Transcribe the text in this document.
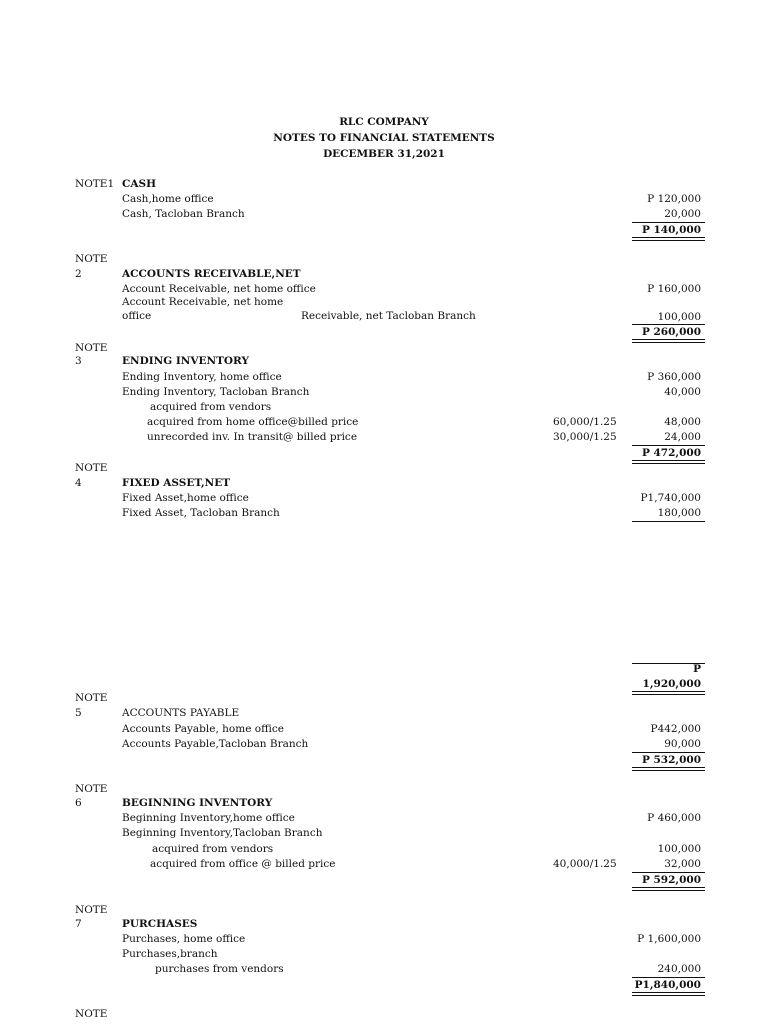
RLC COMPANY
NOTES TO FINANCIAL STATEMENTS
DECEMBER 31,2021
NOTE1 CASH
Cash,home office	P 120,000
Cash, Tacloban Branch	20,000
P 140,000
NOTE
2	ACCOUNTS RECEIVABLE,NET
Account Receivable, net home office	P 160,000
Account Receivable, net home
office	Receivable, net Tacloban Branch	100,000
P 260,000
NOTE
3	ENDING INVENTORY
Ending Inventory, home office	P 360,000
Ending Inventory, Tacloban Branch	40,000
acquired from vendors
acquired from home office@billed price	60,000/1.25	48,000
unrecorded inv. In transit@ billed price	30,000/1.25	24,000
P 472,000
NOTE
4	FIXED ASSET,NET
Fixed Asset,home office	P1,740,000
Fixed Asset, Tacloban Branch	180,000
P
1,920,000
NOTE
5	ACCOUNTS PAYABLE
Accounts Payable, home office	P442,000
Accounts Payable,Tacloban Branch	90,000
P 532,000
NOTE
6	BEGINNING INVENTORY
Beginning Inventory,home office	P 460,000
Beginning Inventory,Tacloban Branch
acquired from vendors	100,000
acquired from office @ billed price	40,000/1.25	32,000
P 592,000
NOTE
7	PURCHASES
Purchases, home office	P 1,600,000
Purchases,branch
purchases from vendors	240,000
P1,840,000
NOTE
